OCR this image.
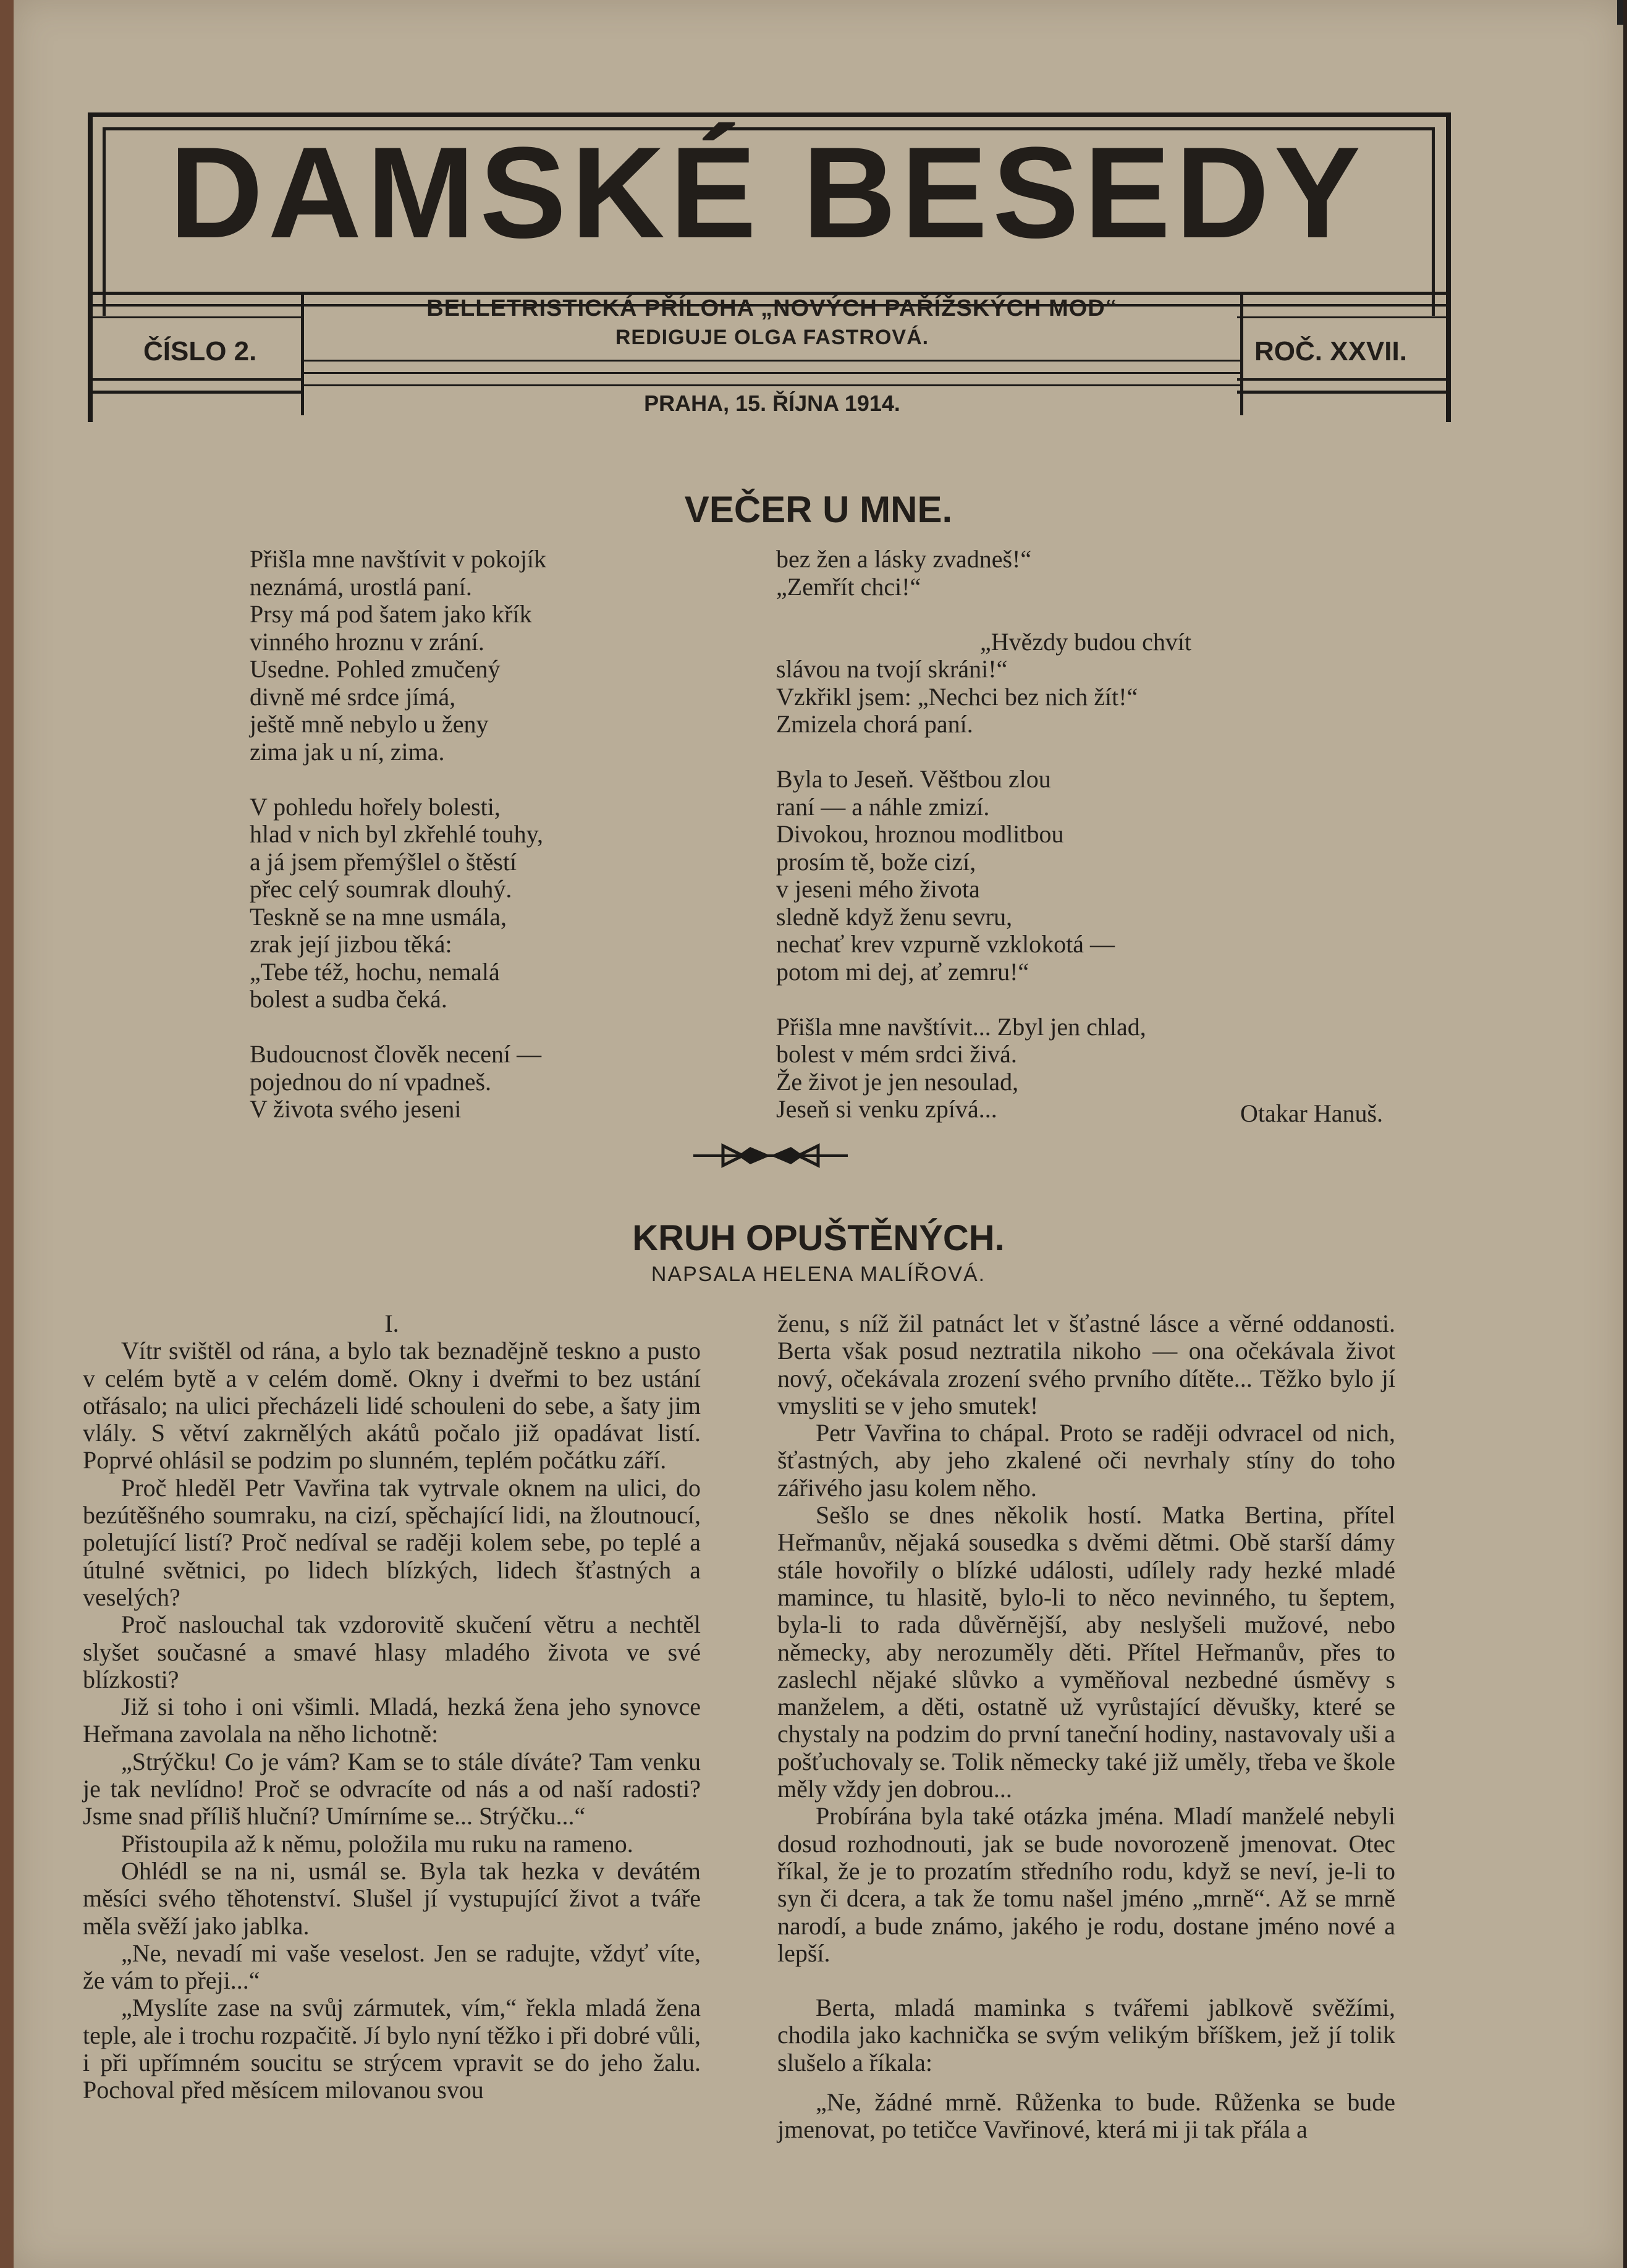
DAMSKÉ BESEDY
ČÍSLO 2.	ROČ. XXVII.
BELLETRISTICKÁ PŘÍLOHA „NOVÝCH PAŘÍŽSKÝCH MOD“
REDIGUJE OLGA FASTROVÁ.
PRAHA, 15. ŘÍJNA 1914.
VEČER U MNE.
Přišla mne navštívit v pokojík
neznámá, urostlá paní.
Prsy má pod šatem jako křík
vinného hroznu v zrání.
Usedne. Pohled zmučený
divně mé srdce jímá,
ještě mně nebylo u ženy
zima jak u ní, zima.
V pohledu hořely bolesti,
hlad v nich byl zkřehlé touhy,
a já jsem přemýšlel o štěstí
přec celý soumrak dlouhý.
Teskně se na mne usmála,
zrak její jizbou těká:
„Tebe též, hochu, nemalá
bolest a sudba čeká.
Budoucnost člověk necení —
pojednou do ní vpadneš.
V života svého jeseni
bez žen a lásky zvadneš!“
„Zemřít chci!“
„Hvězdy budou chvít
slávou na tvojí skráni!“
Vzkřikl jsem: „Nechci bez nich žít!“
Zmizela chorá paní.
Byla to Jeseň. Věštbou zlou
raní — a náhle zmizí.
Divokou, hroznou modlitbou
prosím tě, bože cizí,
v jeseni mého života
sledně když ženu sevru,
nechať krev vzpurně vzklokotá —
potom mi dej, ať zemru!“
Přišla mne navštívit... Zbyl jen chlad,
bolest v mém srdci živá.
Že život je jen nesoulad,
Jeseň si venku zpívá...	Otakar Hanuš.
KRUH OPUŠTĚNÝCH.
NAPSALA HELENA MALÍŘOVÁ.
I.

Vítr svištěl od rána, a bylo tak beznadějně teskno a pusto v celém bytě a v celém domě. Okny i dveřmi to bez ustání otřásalo; na ulici přecházeli lidé schouleni do sebe, a šaty jim vlály. S větví zakrnělých akátů počalo již opadávat listí. Poprvé ohlásil se podzim po slunném, teplém počátku září.

Proč hleděl Petr Vavřina tak vytrvale oknem na ulici, do bezútěšného soumraku, na cizí, spěchající lidi, na žloutnoucí, poletující listí? Proč nedíval se raději kolem sebe, po teplé a útulné světnici, po lidech blízkých, lidech šťastných a veselých?

Proč naslouchal tak vzdorovitě skučení větru a nechtěl slyšet současné a smavé hlasy mladého života ve své blízkosti?

Již si toho i oni všimli. Mladá, hezká žena jeho synovce Heřmana zavolala na něho lichotně:

„Strýčku! Co je vám? Kam se to stále díváte? Tam venku je tak nevlídno! Proč se odvracíte od nás a od naší radosti? Jsme snad příliš hluční? Umírníme se... Strýčku...“

Přistoupila až k němu, položila mu ruku na rameno.

Ohlédl se na ni, usmál se. Byla tak hezka v devátém měsíci svého těhotenství. Slušel jí vystupující život a tváře měla svěží jako jablka.

„Ne, nevadí mi vaše veselost. Jen se radujte, vždyť víte, že vám to přeji...“

„Myslíte zase na svůj zármutek, vím,“ řekla mladá žena teple, ale i trochu rozpačitě. Jí bylo nyní těžko i při dobré vůli, i při upřímném soucitu se strýcem vpravit se do jeho žalu. Pochoval před měsícem milovanou svou

ženu, s níž žil patnáct let v šťastné lásce a věrné oddanosti. Berta však posud neztratila nikoho — ona očekávala život nový, očekávala zrození svého prvního dítěte... Těžko bylo jí vmysliti se v jeho smutek!

Petr Vavřina to chápal. Proto se raději odvracel od nich, šťastných, aby jeho zkalené oči nevrhaly stíny do toho zářivého jasu kolem něho.

Sešlo se dnes několik hostí. Matka Bertina, přítel Heřmanův, nějaká sousedka s dvěmi dětmi. Obě starší dámy stále hovořily o blízké události, udílely rady hezké mladé mamince, tu hlasitě, bylo-li to něco nevinného, tu šeptem, byla-li to rada důvěrnější, aby neslyšeli mužové, nebo německy, aby nerozuměly děti. Přítel Heřmanův, přes to zaslechl nějaké slůvko a vyměňoval nezbedné úsměvy s manželem, a děti, ostatně už vyrůstající děvušky, které se chystaly na podzim do první taneční hodiny, nastavovaly uši a pošťuchovaly se. Tolik německy také již uměly, třeba ve škole měly vždy jen dobrou...

Probírána byla také otázka jména. Mladí manželé nebyli dosud rozhodnouti, jak se bude novorozeně jmenovat. Otec říkal, že je to prozatím středního rodu, když se neví, je-li to syn či dcera, a tak že tomu našel jméno „mrně“. Až se mrně narodí, a bude známo, jakého je rodu, dostane jméno nové a lepší.

Berta, mladá maminka s tvářemi jablkově svěžími, chodila jako kachnička se svým velikým bříškem, jež jí tolik slušelo a říkala:

„Ne, žádné mrně. Růženka to bude. Růženka se bude jmenovat, po tetičce Vavřinové, která mi ji tak přála a
